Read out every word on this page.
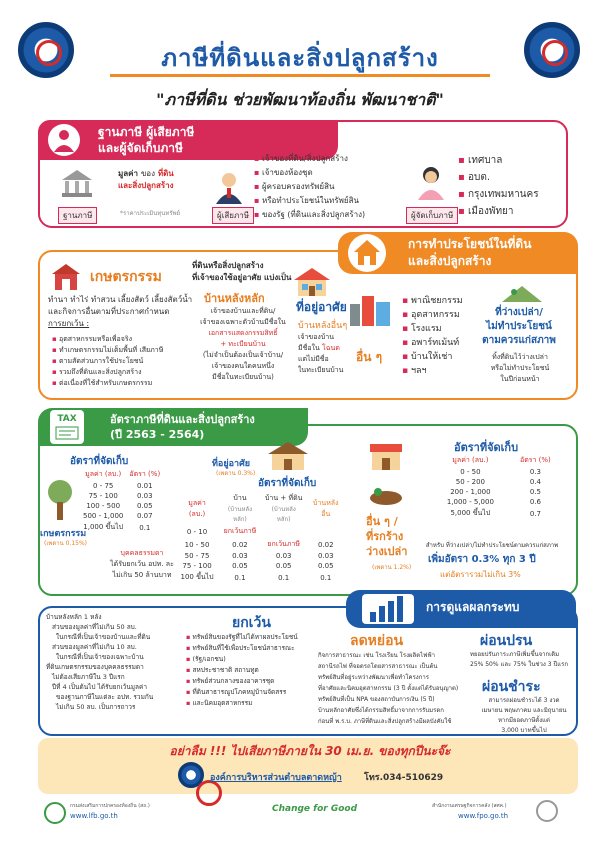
ภาษีที่ดินและสิ่งปลูกสร้าง
"ภาษีที่ดิน ช่วยพัฒนาท้องถิ่น พัฒนาชาติ"
ฐานภาษี ผู้เสียภาษี
และผู้จัดเก็บภาษี
ฐานภาษี
มูลค่า ของ ที่ดิน
และสิ่งปลูกสร้าง
*ราคาประเมินทุนทรัพย์	ผู้เสียภาษี
▪ เจ้าของที่ดิน/สิ่งปลูกสร้าง
▪ เจ้าของห้องชุด
▪ ผู้ครอบครองทรัพย์สิน
▪ หรือทำประโยชน์ในทรัพย์สิน
▪ ของรัฐ (ที่ดินและสิ่งปลูกสร้าง)	ผู้จัดเก็บภาษี
▪ เทศบาล
▪ อบต.
▪ กรุงเทพมหานคร
▪ เมืองพัทยา
การทำประโยชน์ในที่ดิน
และสิ่งปลูกสร้าง
เกษตรกรรม
ทำนา ทำไร่ ทำสวน เลี้ยงสัตว์ เลี้ยงสัตว์น้ำ
และกิจการอื่นตามที่ประกาศกำหนด
การยกเว้น :
▪ อุตสาหกรรมหรือเพื่อจริง
▪ ทำเกษตรกรรมไม่เต็มพื้นที่ เสียภาษี
▪ ตามสัดส่วนการใช้ประโยชน์
▪ รวมถึงที่ดินและสิ่งปลูกสร้าง
▪ ต่อเนื่องที่ใช้สำหรับเกษตรกรรม
ที่ดินหรือสิ่งปลูกสร้าง
ที่เจ้าของใช้อยู่อาศัย แบ่งเป็น
บ้านหลังหลัก
เจ้าของบ้านและที่ดิน/
เจ้าของเฉพาะตัวบ้านมีชื่อใน
เอกสารแสดงกรรมสิทธิ์
+ ทะเบียนบ้าน
(ไม่จำเป็นต้องเป็นเจ้าบ้าน/
เจ้าของคนใดคนหนึ่ง
มีชื่อในทะเบียนบ้าน)
ที่อยู่อาศัย
บ้านหลังอื่นๆ
เจ้าของบ้าน
มีชื่อใน โฉนด
แต่ไม่มีชื่อ
ในทะเบียนบ้าน
อื่น ๆ
▪ พาณิชยกรรม
▪ อุตสาหกรรม
▪ โรงแรม
▪ อพาร์ทเม้นท์
▪ บ้านให้เช่า
▪ ฯลฯ
ที่ว่างเปล่า/
ไม่ทำประโยชน์
ตามควรแก่สภาพ
ทิ้งที่ดินไว้ว่างเปล่า
หรือไม่ทำประโยชน์
ในปีก่อนหน้า
อัตราภาษีที่ดินและสิ่งปลูกสร้าง
(ปี 2563 - 2564)
TAX
อัตราที่จัดเก็บ
มูลค่า (ลบ.)	อัตรา (%)
0 - 75	0.01
75 - 100	0.03
100 - 500	0.05
500 - 1,000	0.07
1,000 ขึ้นไป	0.1
เกษตรกรรม
(เพดาน 0.15%)
บุคคลธรรมดา
ได้รับยกเว้น อปท. ละ
ไม่เกิน 50 ล้านบาท
ที่อยู่อาศัย
(เพดาน 0.3%)
อัตราที่จัดเก็บ
มูลค่า (ลบ.)	บ้าน
(บ้านหลังหลัก)	บ้าน + ที่ดิน
(บ้านหลังหลัก)	บ้านหลังอื่น
0 - 10	ยกเว้นภาษี		
10 - 50	0.02	ยกเว้นภาษี	0.02
50 - 75	0.03	0.03	0.03
75 - 100	0.05	0.05	0.05
100 ขึ้นไป	0.1	0.1	0.1
อื่น ๆ /
ที่รกร้าง
ว่างเปล่า
(เพดาน 1.2%)
อัตราที่จัดเก็บ
มูลค่า (ลบ.)	อัตรา (%)
0 - 50	0.3
50 - 200	0.4
200 - 1,000	0.5
1,000 - 5,000	0.6
5,000 ขึ้นไป	0.7
สำหรับ ที่ว่างเปล่า/ไม่ทำประโยชน์ตามควรแก่สภาพ
เพิ่มอัตรา 0.3% ทุก 3 ปี
แต่อัตรารวมไม่เกิน 3%
การดูแลผลกระทบ
บ้านหลังหลัก 1 หลัง
ส่วนของมูลค่าที่ไม่เกิน 50 ลบ.
ในกรณีที่เป็นเจ้าของบ้านและที่ดิน
ส่วนของมูลค่าที่ไม่เกิน 10 ลบ.
ในกรณีที่เป็นเจ้าของเฉพาะบ้าน
ที่ดินเกษตรกรรมของบุคคลธรรมดา
ไม่ต้องเสียภาษีใน 3 ปีแรก
ปีที่ 4 เป็นต้นไป ได้รับยกเว้นมูลค่า
ของฐานภาษีในแต่ละ อปท. รวมกัน
ไม่เกิน 50 ลบ. เป็นการถาวร
ยกเว้น
▪ ทรัพย์สินของรัฐที่ไม่ได้หาผลประโยชน์
▪ ทรัพย์สินที่ใช้เพื่อประโยชน์สาธารณะ
▪ (รัฐ/เอกชน)
▪ สหประชาชาติ สถานทูต
▪ ทรัพย์ส่วนกลางของอาคารชุด
▪ ที่ดินสาธารณูปโภคหมู่บ้านจัดสรร
▪ และนิคมอุตสาหกรรม
ลดหย่อน
กิจการสาธารณะ เช่น โรงเรียน โรงผลิตไฟฟ้า
สถานีรถไฟ ที่จอดรถโดยสารสาธารณะ เป็นต้น
ทรัพย์สินที่อยู่ระหว่างพัฒนาเพื่อทำโครงการ
ที่อาศัยและนิคมอุตสาหกรรม (3 ปี ตั้งแต่ได้รับอนุญาต)
ทรัพย์สินที่เป็น NPA ของสถาบันการเงิน (5 ปี)
บ้านหลักอาศัยซึ่งได้กรรมสิทธิ์มาจากการรับมรดก
ก่อนที่ พ.ร.บ. ภาษีที่ดินและสิ่งปลูกสร้างมีผลบังคับใช้
ผ่อนปรน
ทยอยปรับภาระภาษีเพิ่มขึ้นจากเดิม
25% 50% และ 75% ในช่วง 3 ปีแรก
ผ่อนชำระ
สามารถผ่อนชำระได้ 3 งวด
เมษายน พฤษภาคม และมิถุนายน
หากมียอดภาษีตั้งแต่
3,000 บาทขึ้นไป
อย่าลืม !!! ไปเสียภาษีภายใน 30 เม.ย. ของทุกปีนะจ๊ะ
องค์การบริหารส่วนตำบลตาดหญ้า โทร.034-510629
กรมส่งเสริมการปกครองท้องถิ่น (สถ.)
www.lfb.go.th
Change for Good	สำนักงานเศรษฐกิจการคลัง (สศค.)
www.fpo.go.th
